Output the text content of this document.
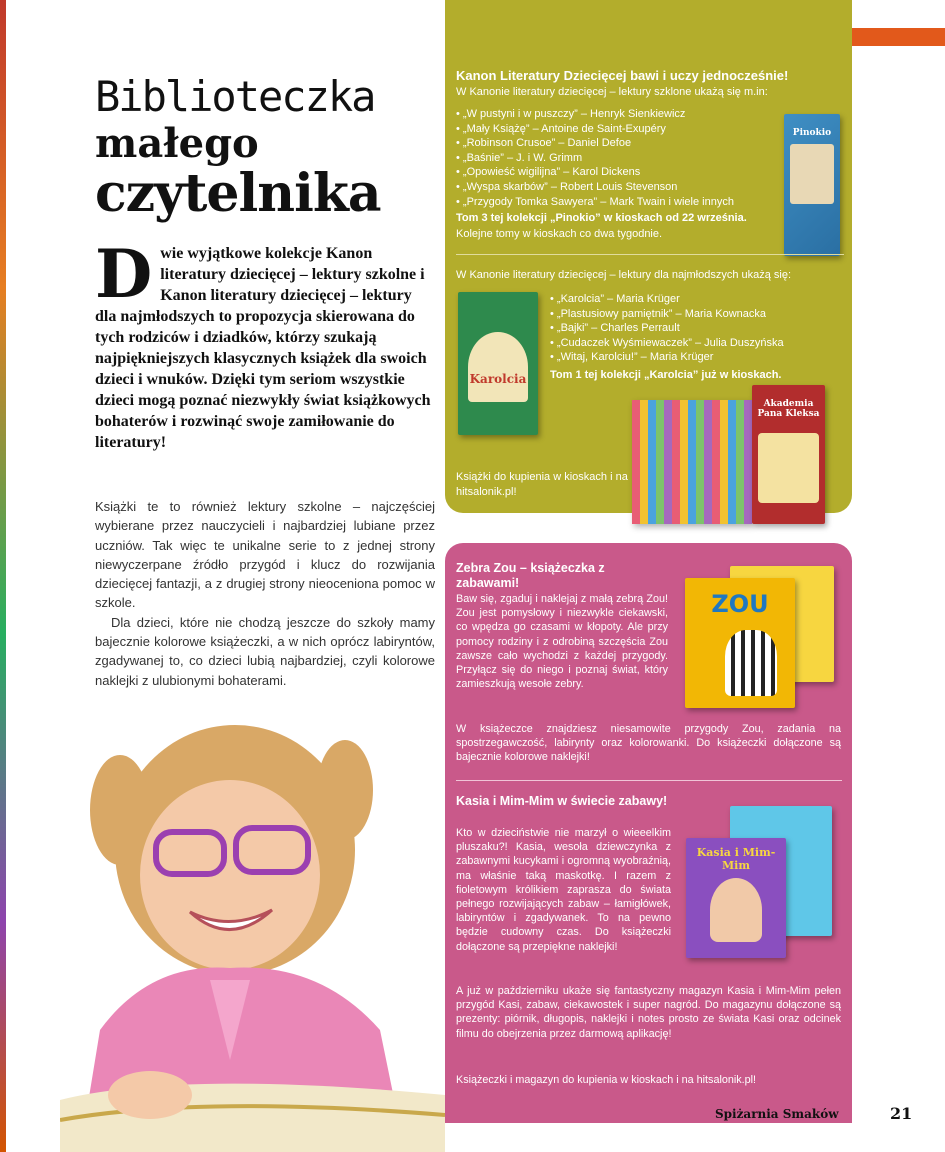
Biblioteczka
małego
czytelnika
Dwie wyjątkowe kolekcje Kanon literatury dziecięcej – lektury szkolne i Kanon literatury dziecięcej – lektury dla najmłodszych to propozycja skierowana do tych rodziców i dziadków, którzy szukają najpiękniejszych klasycznych książek dla swoich dzieci i wnuków. Dzięki tym seriom wszystkie dzieci mogą poznać niezwykły świat książkowych bohaterów i rozwinąć swoje zamiłowanie do literatury!

Książki te to również lektury szkolne – najczęściej wybierane przez nauczycieli i najbardziej lubiane przez uczniów. Tak więc te unikalne serie to z jednej strony niewyczerpane źródło przygód i klucz do rozwijania dziecięcej fantazji, a z drugiej strony nieoceniona pomoc w szkole.

Dla dzieci, które nie chodzą jeszcze do szkoły mamy bajecznie kolorowe książeczki, a w nich oprócz labiryntów, zgadywanej to, co dzieci lubią najbardziej, czyli kolorowe naklejki z ulubionymi bohaterami.

Kanon Literatury Dziecięcej bawi i uczy jednocześnie!
W Kanonie literatury dziecięcej – lektury szklone ukażą się m.in:
• „W pustyni i w puszczy” – Henryk Sienkiewicz
• „Mały Książę” – Antoine de Saint-Exupéry
• „Robinson Crusoe” – Daniel Defoe
• „Baśnie” – J. i W. Grimm
• „Opowieść wigilijna” – Karol Dickens
• „Wyspa skarbów” – Robert Louis Stevenson
• „Przygody Tomka Sawyera” – Mark Twain i wiele innych
Tom 3 tej kolekcji „Pinokio” w kioskach od 22 września.
Kolejne tomy w kioskach co dwa tygodnie.
Pinokio
W Kanonie literatury dziecięcej – lektury dla najmłodszych ukażą się:
• „Karolcia” – Maria Krüger
• „Plastusiowy pamiętnik” – Maria Kownacka
• „Bajki” – Charles Perrault
• „Cudaczek Wyśmiewaczek” – Julia Duszyńska
• „Witaj, Karolciu!” – Maria Krüger
Tom 1 tej kolekcji „Karolcia” już w kioskach.
Karolcia
Akademia Pana Kleksa
Książki do kupienia w kioskach i na hitsalonik.pl!
Zebra Zou – książeczka z zabawami!
Baw się, zgaduj i naklejaj z małą zebrą Zou! Zou jest pomysłowy i niezwykle ciekawski, co wpędza go czasami w kłopoty. Ale przy pomocy rodziny i z odrobiną szczęścia Zou zawsze cało wychodzi z każdej przygody. Przyłącz się do niego i poznaj świat, który zamieszkują wesołe zebry.
W książeczce znajdziesz niesamowite przygody Zou, zadania na spostrzegawczość, labirynty oraz kolorowanki. Do książeczki dołączone są bajecznie kolorowe naklejki!
ZOU
Kasia i Mim-Mim w świecie zabawy!
Kto w dzieciństwie nie marzył o wieeelkim pluszaku?! Kasia, wesoła dziewczynka z zabawnymi kucykami i ogromną wyobraźnią, ma właśnie taką maskotkę. I razem z fioletowym królikiem zaprasza do świata pełnego rozwijających zabaw – łamigłówek, labiryntów i zgadywanek. To na pewno będzie cudowny czas. Do książeczki dołączone są przepiękne naklejki!
A już w październiku ukaże się fantastyczny magazyn Kasia i Mim-Mim pełen przygód Kasi, zabaw, ciekawostek i super nagród. Do magazynu dołączone są prezenty: piórnik, długopis, naklejki i notes prosto ze świata Kasi oraz odcinek filmu do obejrzenia przez darmową aplikację!
Książeczki i magazyn do kupienia w kioskach i na hitsalonik.pl!
Kasia i Mim-Mim
Spiżarnia Smaków	21
